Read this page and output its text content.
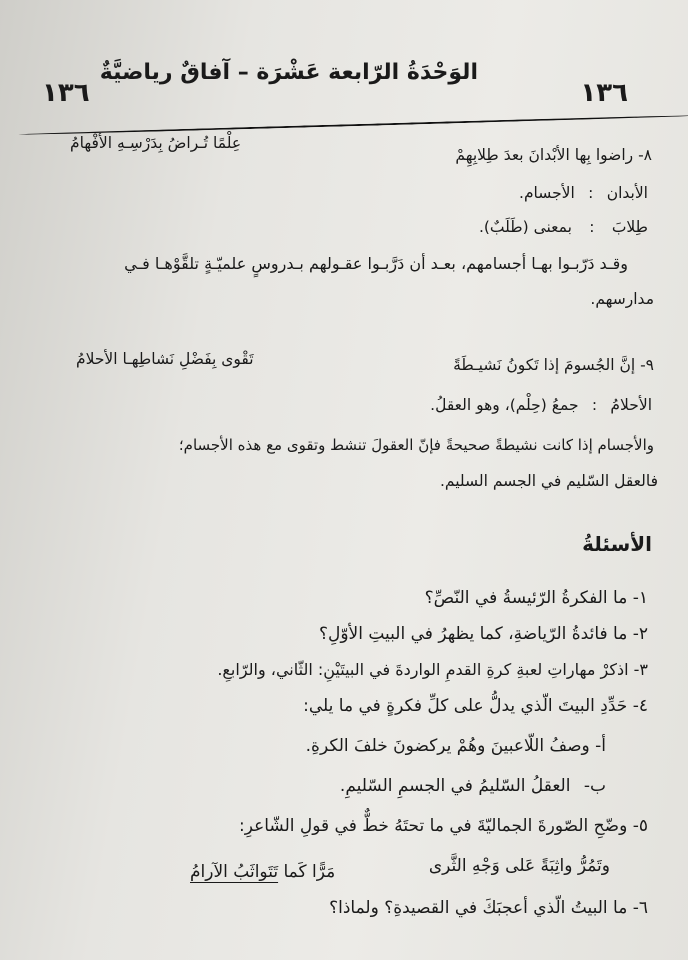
١٣٦
الوَحْدَةُ الرّابعة عَشْرَة – آفاقٌ رياضيَّةٌ
١٣٦
٨- راضوا بِها الأبْدانَ بعدَ طِلابِهِمْ
عِلْمًا تُـراضُ بِدَرْسِـهِ الأفْهامُ
الأبدان : الأجسام.
طِلابَ : بمعنى (طَلَبٌ).
وقـد دَرّبـوا بهـا أجسامهم، بعـد أن دَرَّبـوا عقـولهم بـدروسٍ علميّـةٍ تلقَّوْهـا فـي
مدارسهم.
٩- إنَّ الجُسومَ إذا تَكونُ نَشيـطَةً
تَقْوى بِفَضْلِ نَشاطِهـا الأحلامُ
الأحلامُ : جمعُ (حِلْم)، وهو العقلُ.
والأجسام إذا كانت نشيطةً صحيحةً فإنّ العقولَ تنشط وتقوى مع هذه الأجسام؛
فالعقل السّليم في الجسم السليم.
الأسئلةُ
١- ما الفكرةُ الرّئيسةُ في النّصِّ؟
٢- ما فائدةُ الرّياضةِ، كما يظهرُ في البيتِ الأوّلِ؟
٣- اذكرْ مهاراتِ لعبةِ كرةِ القدمِ الواردةَ في البيتَيْنِ: الثّاني، والرّابعِ.
٤- حَدِّدِ البيتَ الّذي يدلُّ على كلِّ فكرةٍ في ما يلي:
أ- وصفُ اللّاعبينَ وهُمْ يركضونَ خلفَ الكرةِ.
ب- العقلُ السّليمُ في الجسمِ السّليمِ.
٥- وضّحِ الصّورةَ الجماليّةَ في ما تحتَهُ خطٌّ في قولِ الشّاعرِ:
وتَمُرُّ واثِبَةً عَلى وَجْهِ الثَّرى
مَرًّا كَما تَتَواثَبُ الآرامُ
٦- ما البيتُ الّذي أعجبَكَ في القصيدةِ؟ ولماذا؟
